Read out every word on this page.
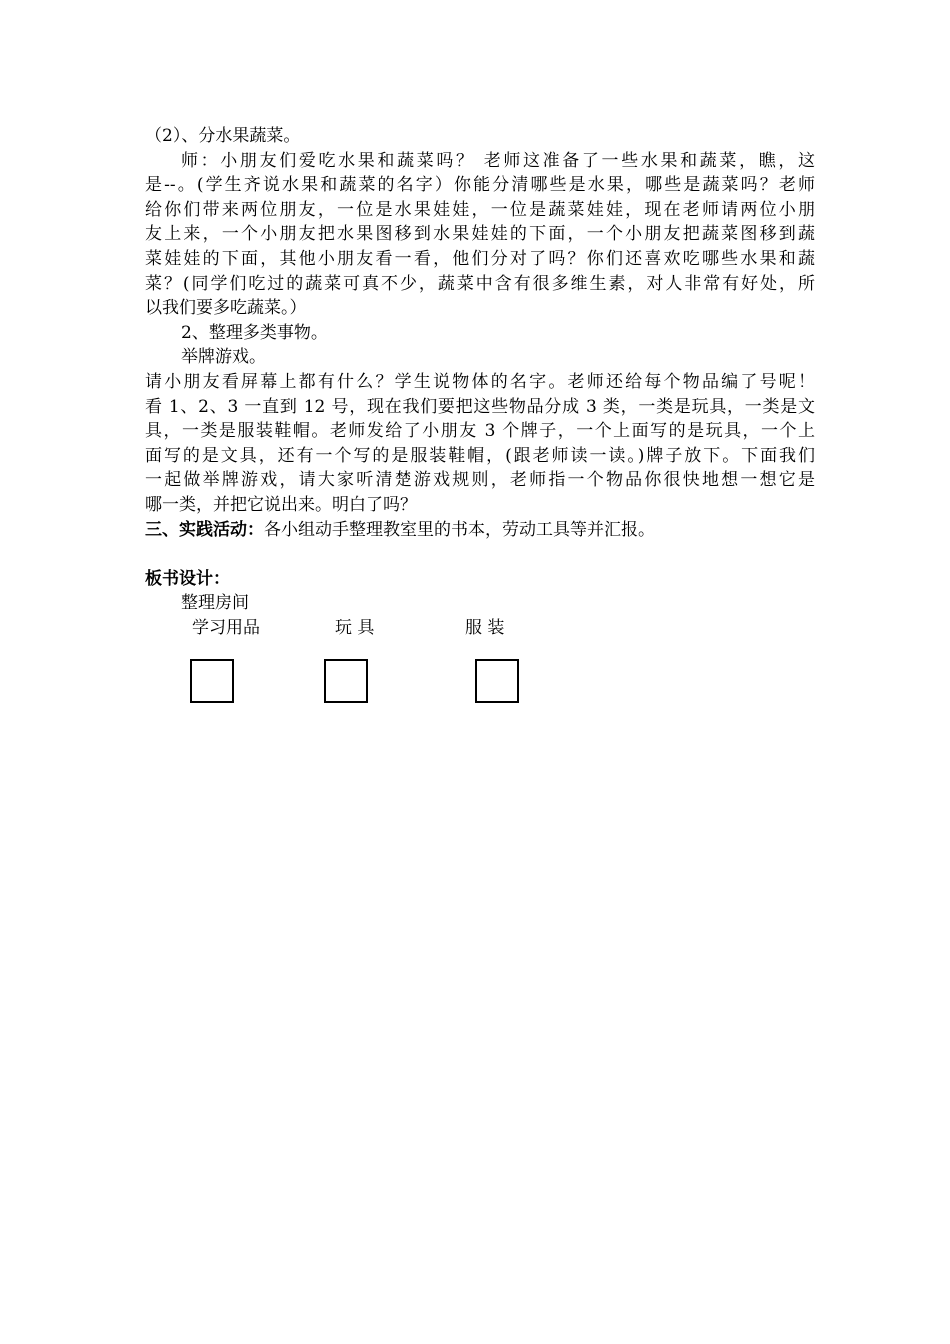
（2）、分水果蔬菜。
师：小朋友们爱吃水果和蔬菜吗？ 老师这准备了一些水果和蔬菜，瞧，这
是--。(学生齐说水果和蔬菜的名字）你能分清哪些是水果，哪些是蔬菜吗？老师
给你们带来两位朋友，一位是水果娃娃，一位是蔬菜娃娃，现在老师请两位小朋
友上来，一个小朋友把水果图移到水果娃娃的下面，一个小朋友把蔬菜图移到蔬
菜娃娃的下面，其他小朋友看一看，他们分对了吗？你们还喜欢吃哪些水果和蔬
菜？(同学们吃过的蔬菜可真不少，蔬菜中含有很多维生素，对人非常有好处，所
以我们要多吃蔬菜。）
2、整理多类事物。
举牌游戏。
请小朋友看屏幕上都有什么？学生说物体的名字。老师还给每个物品编了号呢！
看 1、2、3 一直到 12 号，现在我们要把这些物品分成 3 类，一类是玩具，一类是文
具，一类是服装鞋帽。老师发给了小朋友 3 个牌子，一个上面写的是玩具，一个上
面写的是文具，还有一个写的是服装鞋帽，(跟老师读一读。)牌子放下。下面我们
一起做举牌游戏，请大家听清楚游戏规则，老师指一个物品你很快地想一想它是
哪一类，并把它说出来。明白了吗？
三、实践活动：各小组动手整理教室里的书本，劳动工具等并汇报。
板书设计：
整理房间
学习用品	玩 具	服 装
